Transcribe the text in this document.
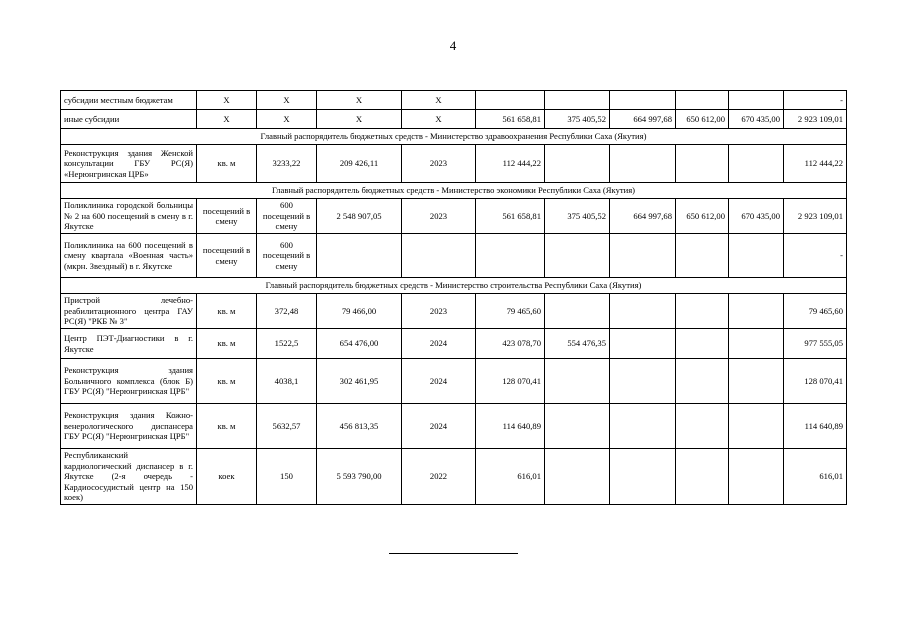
4
субсидии местным бюджетам	X	X	X	X						-
иные субсидии	X	X	X	X	561 658,81	375 405,52	664 997,68	650 612,00	670 435,00	2 923 109,01
Главный распорядитель бюджетных средств - Министерство здравоохранения Республики Саха (Якутия)										
Реконструкция здания Женской консультации ГБУ РС(Я) «Нерюнгринская ЦРБ»	кв. м	3233,22	209 426,11	2023	112 444,22					112 444,22
Главный распорядитель бюджетных средств - Министерство экономики Республики Саха (Якутия)										
Поликлиника городской больницы № 2 на 600 посещений в смену в г. Якутске	посещений в смену	600 посещений в смену	2 548 907,05	2023	561 658,81	375 405,52	664 997,68	650 612,00	670 435,00	2 923 109,01
Поликлиника на 600 посещений в смену квартала «Военная часть» (мкрн. Звездный) в г. Якутске	посещений в смену	600 посещений в смену								-
Главный распорядитель бюджетных средств - Министерство строительства Республики Саха (Якутия)										
Пристрой лечебно-реабилитационного центра ГАУ РС(Я) "РКБ № 3"	кв. м	372,48	79 466,00	2023	79 465,60					79 465,60
Центр ПЭТ-Диагностики в г. Якутске	кв. м	1522,5	654 476,00	2024	423 078,70	554 476,35				977 555,05
Реконструкция здания Больничного комплекса (блок Б) ГБУ РС(Я) "Нерюнгринская ЦРБ"	кв. м	4038,1	302 461,95	2024	128 070,41					128 070,41
Реконструкция здания Кожно-венерологического диспансера ГБУ РС(Я) "Нерюнгринская ЦРБ"	кв. м	5632,57	456 813,35	2024	114 640,89					114 640,89
Республиканский кардиологический диспансер в г. Якутске (2-я очередь - Кардиососудистый центр на 150 коек)	коек	150	5 593 790,00	2022	616,01					616,01
